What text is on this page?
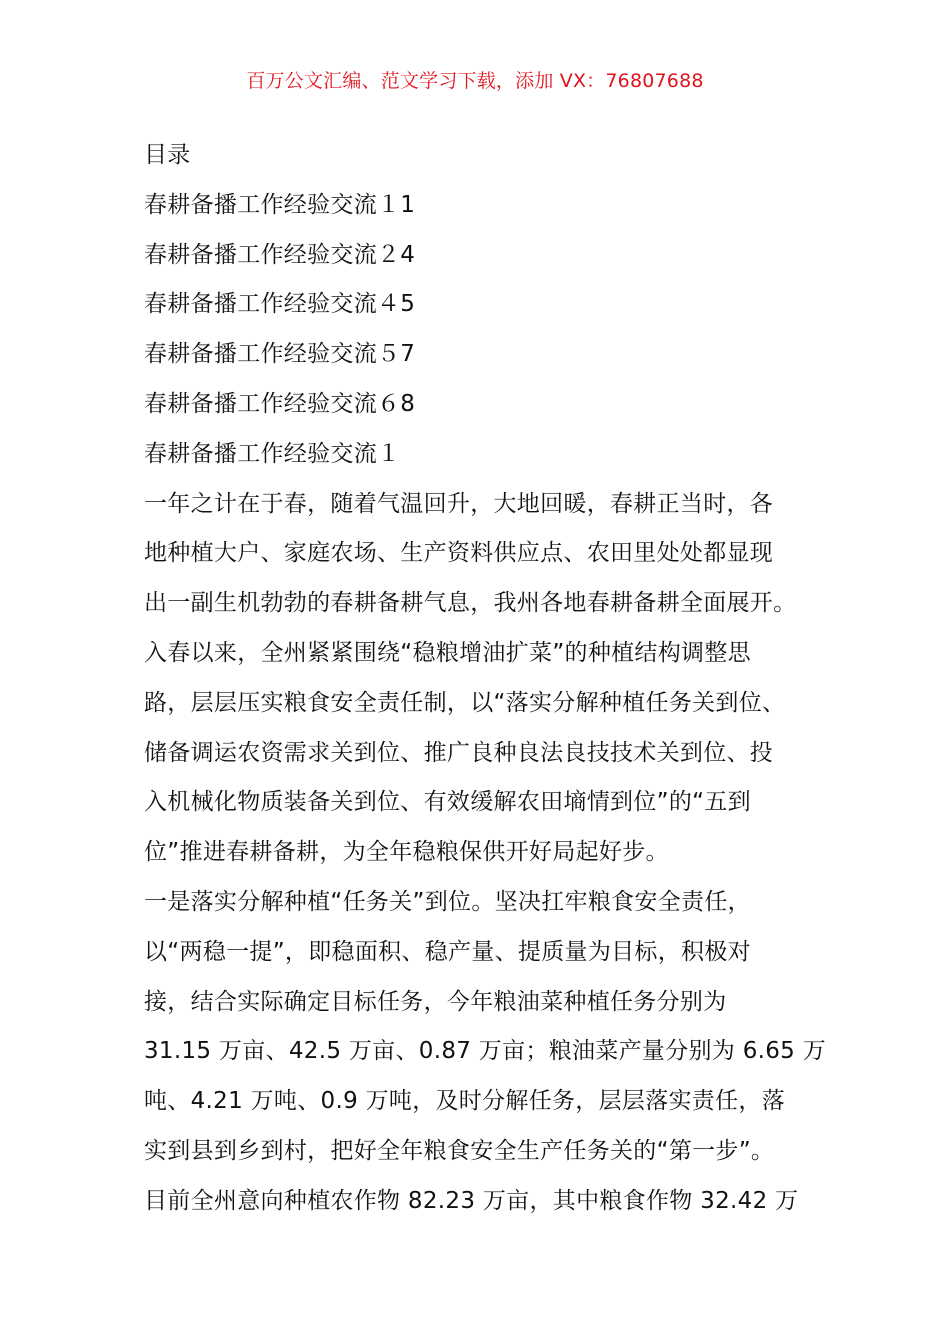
百万公文汇编、范文学习下载，添加 VX：76807688
目录
春耕备播工作经验交流１1
春耕备播工作经验交流２4
春耕备播工作经验交流４5
春耕备播工作经验交流５7
春耕备播工作经验交流６8
春耕备播工作经验交流１
一年之计在于春，随着气温回升，大地回暖，春耕正当时，各
地种植大户、家庭农场、生产资料供应点、农田里处处都显现
出一副生机勃勃的春耕备耕气息，我州各地春耕备耕全面展开。
入春以来，全州紧紧围绕“稳粮增油扩菜”的种植结构调整思
路，层层压实粮食安全责任制，以“落实分解种植任务关到位、
储备调运农资需求关到位、推广良种良法良技技术关到位、投
入机械化物质装备关到位、有效缓解农田墒情到位”的“五到
位”推进春耕备耕，为全年稳粮保供开好局起好步。
一是落实分解种植“任务关”到位。坚决扛牢粮食安全责任，
以“两稳一提”，即稳面积、稳产量、提质量为目标，积极对
接，结合实际确定目标任务，今年粮油菜种植任务分别为
31.15 万亩、42.5 万亩、0.87 万亩；粮油菜产量分别为 6.65 万
吨、4.21 万吨、0.9 万吨，及时分解任务，层层落实责任，落
实到县到乡到村，把好全年粮食安全生产任务关的“第一步”。
目前全州意向种植农作物 82.23 万亩，其中粮食作物 32.42 万
